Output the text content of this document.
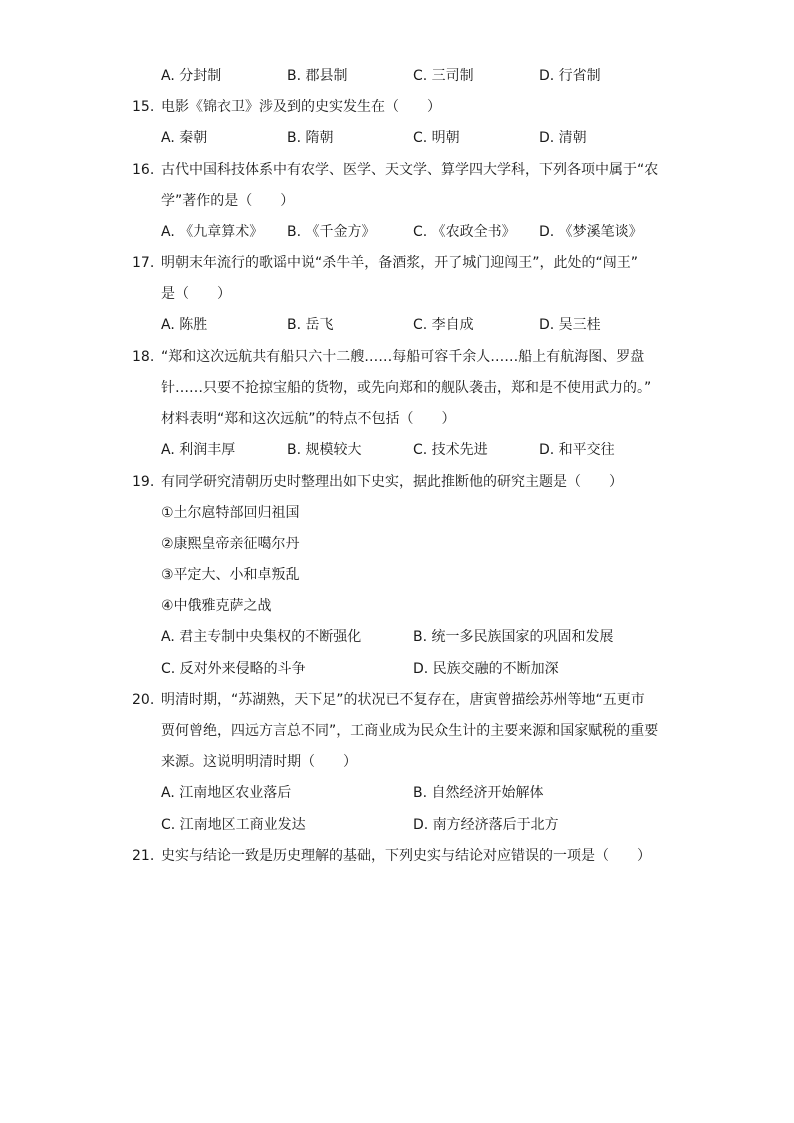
A. 分封制	B. 郡县制	C. 三司制	D. 行省制
15. 电影《锦衣卫》涉及到的史实发生在（　　）
A. 秦朝	B. 隋朝	C. 明朝	D. 清朝
16. 古代中国科技体系中有农学、医学、天文学、算学四大学科，下列各项中属于“农
学”著作的是（　　）
A. 《九章算术》 B. 《千金方》	C. 《农政全书》 D. 《梦溪笔谈》
17. 明朝末年流行的歌谣中说“杀牛羊，备酒浆，开了城门迎闯王”，此处的“闯王”
是（　　）
A. 陈胜	B. 岳飞	C. 李自成	D. 吴三桂
18. “郑和这次远航共有船只六十二艘……每船可容千余人……船上有航海图、罗盘
针……只要不抢掠宝船的货物，或先向郑和的舰队袭击，郑和是不使用武力的。”
材料表明“郑和这次远航”的特点不包括（　　）
A. 利润丰厚	B. 规模较大	C. 技术先进	D. 和平交往
19. 有同学研究清朝历史时整理出如下史实，据此推断他的研究主题是（　　）
①土尔扈特部回归祖国
②康熙皇帝亲征噶尔丹
③平定大、小和卓叛乱
④中俄雅克萨之战
A. 君主专制中央集权的不断强化	B. 统一多民族国家的巩固和发展
C. 反对外来侵略的斗争	D. 民族交融的不断加深
20. 明清时期，“苏湖熟，天下足”的状况已不复存在，唐寅曾描绘苏州等地“五更市
贾何曾绝，四远方言总不同”，工商业成为民众生计的主要来源和国家赋税的重要
来源。这说明明清时期（　　）
A. 江南地区农业落后	B. 自然经济开始解体
C. 江南地区工商业发达	D. 南方经济落后于北方
21. 史实与结论一致是历史理解的基础，下列史实与结论对应错误的一项是（　　）
